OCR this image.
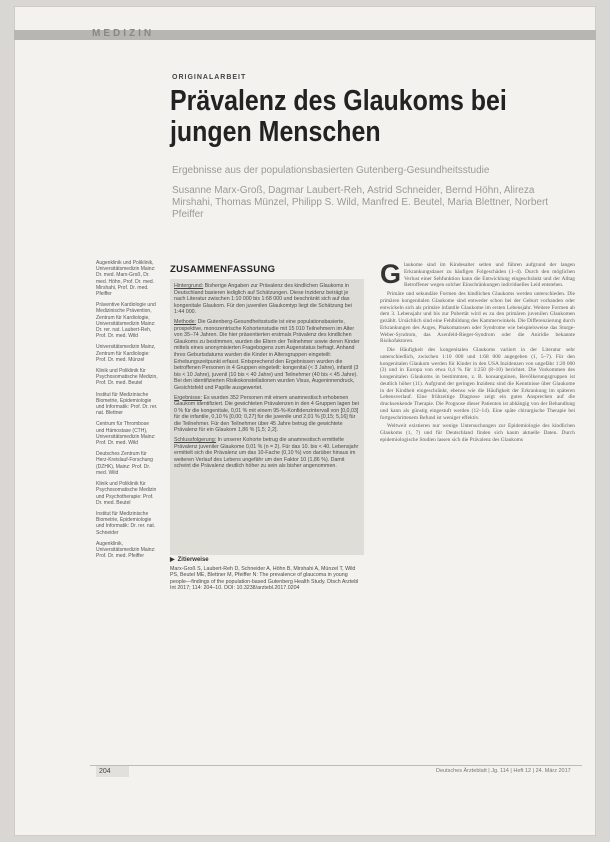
MEDIZIN
ORIGINALARBEIT
Prävalenz des Glaukoms bei jungen Menschen
Ergebnisse aus der populationsbasierten Gutenberg-Gesundheitsstudie
Susanne Marx-Groß, Dagmar Laubert-Reh, Astrid Schneider, Bernd Höhn, Alireza Mirshahi, Thomas Münzel, Philipp S. Wild, Manfred E. Beutel, Maria Blettner, Norbert Pfeiffer

Augenklinik und Poliklinik, Universitätsmedizin Mainz: Dr. med. Marx-Groß, Dr. med. Höhn, Prof. Dr. med. Mirshahi, Prof. Dr. med. Pfeiffer

Präventive Kardiologie und Medizinische Prävention, Zentrum für Kardiologie, Universitätsmedizin Mainz: Dr. rer. nat. Laubert-Reh, Prof. Dr. med. Wild

Universitätsmedizin Mainz, Zentrum für Kardiologie: Prof. Dr. med. Münzel

Klinik und Poliklinik für Psychosomatische Medizin, Prof. Dr. med. Beutel

Institut für Medizinische Biometrie, Epidemiologie und Informatik: Prof. Dr. rer. nat. Blettner

Centrum für Thrombose und Hämostase (CTH), Universitätsmedizin Mainz: Prof. Dr. med. Wild

Deutsches Zentrum für Herz-Kreislauf-Forschung (DZHK), Mainz: Prof. Dr. med. Wild

Klinik und Poliklinik für Psychosomatische Medizin und Psychotherapie: Prof. Dr. med. Beutel

Institut für Medizinische Biometrie, Epidemiologie und Informatik: Dr. rer. nat. Schneider

Augenklinik, Universitätsmedizin Mainz: Prof. Dr. med. Pfeiffer

ZUSAMMENFASSUNG

Hintergrund: Bisherige Angaben zur Prävalenz des kindlichen Glaukoms in Deutschland basieren lediglich auf Schätzungen. Diese Inzidenz beträgt je nach Literatur zwischen 1:10 000 bis 1:68 000 und beschränkt sich auf das kongenitale Glaukom. Für den juvenilen Glaukomtyp liegt die Schätzung bei 1:44 000.

Methode: Die Gutenberg-Gesundheitsstudie ist eine populationsbasierte, prospektive, monozentrische Kohortenstudie mit 15 010 Teilnehmern im Alter von 35–74 Jahren. Die hier präsentierten erstmals Prävalenz des kindlichen Glaukoms zu bestimmen, wurden die Eltern der Teilnehmer sowie deren Kinder mittels eines anonymisierten Fragebogens zum Augenstatus befragt. Anhand ihres Geburtsdatums wurden die Kinder in Altersgruppen eingeteilt: Erhebungszeitpunkt erfasst. Entsprechend den Ergebnissen wurden die betroffenen Personen in 4 Gruppen eingeteilt: kongenital (< 3 Jahre), infantil (3 bis < 10 Jahre), juvenil (10 bis < 40 Jahre) und Teilnehmer (40 bis < 45 Jahre). Bei den identifizierten Risikokonstellationen wurden Visus, Augeninnendruck, Gesichtsfeld und Papille ausgewertet.

Ergebnisse: Es wurden 352 Personen mit einem anamnestisch erhobenen Glaukom identifiziert. Die gewichteten Prävalenzen in den 4 Gruppen lagen bei 0 % für die kongenitale, 0,01 % mit einem 95-%-Konfidenzintervall von [0,0,03] für die infantile, 0,10 % [0,00; 0,27] für die juvenile und 2,01 % [0,15; 5,16] für die Teilnehmer. Für den Teilnehmer über 45 Jahre betrug die gewichtete Prävalenz für ein Glaukom 1,86 % [1,5; 2,2].

Schlussfolgerung: In unserer Kohorte betrug die anamnestisch ermittelte Prävalenz juveniler Glaukome 0,01 % (n = 2). Für das 10. bis < 40. Lebensjahr ermittelt sich die Prävalenz um das 10-Fache (0,10 %) von darüber hinaus im weiteren Verlauf des Lebens ungefähr um den Faktor 10 (1,86 %). Damit scheint die Prävalenz deutlich höher zu sein als bisher angenommen.

▶ Zitierweise
Marx-Groß S, Laubert-Reh D, Schneider A, Höhn B, Mirshahi A, Münzel T, Wild PS, Beutel ME, Blettner M, Pfeiffer N: The prevalence of glaucoma in young people—findings of the population-based Gutenberg Health Study. Dtsch Arztebl Int 2017; 114: 204–10. DOI: 10.3238/arztebl.2017.0204

Glaukome sind im Kindesalter selten und führen aufgrund der langen Erkrankungsdauer zu häufigen Folgeschäden (1–4). Durch den möglichen Verlust einer Sehfunktion kann die Entwicklung eingeschränkt und der Alltag Betroffener wegen solcher Einschränkungen individuelles Leid entstehen.

Primäre und sekundäre Formen des kindlichen Glaukoms werden unterschieden. Die primären kongenitalen Glaukome sind entweder schon bei der Geburt vorhanden oder entwickeln sich als primäre infantile Glaukome im ersten Lebensjahr. Weitere Formen ab dem 3. Lebensjahr und bis zur Pubertät wird es zu den primären juvenilen Glaukomen gezählt. Ursächlich sind eine Fehlbildung des Kammerwinkels. Die Differenzierung durch Erkrankungen des Auges, Phakomatosen oder Syndrome wie beispielsweise das Sturge-Weber-Syndrom, das Axenfeld-Rieger-Syndrom oder die Aniridie bekannte Risikofaktoren.

Die Häufigkeit des kongenitalen Glaukoms variiert in der Literatur sehr unterschiedlich, zwischen 1:10 000 und 1:68 000 angegeben (1, 5–7). Für den kongenitalen Glaukom werden für Kinder in den USA Inzidenzen von ungefähr 1:20 000 (3) und in Europa von etwa 0,4 % für 1:250 (8–10) berichtet. Die Vorkommen des kongenitalen Glaukoms in bestimmten, z. B. konsanguinen, Bevölkerungsgruppen ist deutlich höher (11). Aufgrund der geringen Inzidenz sind die Kenntnisse über Glaukome in der Kindheit eingeschränkt, ebenso wie die Häufigkeit der Erkrankung im späteren Lebensverlauf. Eine frühzeitige Diagnose zeigt ein gutes Ansprechen auf die drucksenkende Therapie. Die Prognose dieser Patienten ist abhängig von der Behandlung und kann als günstig eingestuft werden (12–14). Eine späte chirurgische Therapie bei fortgeschrittenem Befund ist weniger effektiv.

Weltweit existieren nur wenige Untersuchungen zur Epidemiologie des kindlichen Glaukoms (1, 7) und für Deutschland finden sich kaum aktuelle Daten. Durch epidemiologische Studien lassen sich die Prävalenz des Glaukoms

204	Deutsches Ärzteblatt | Jg. 114 | Heft 12 | 24. März 2017
